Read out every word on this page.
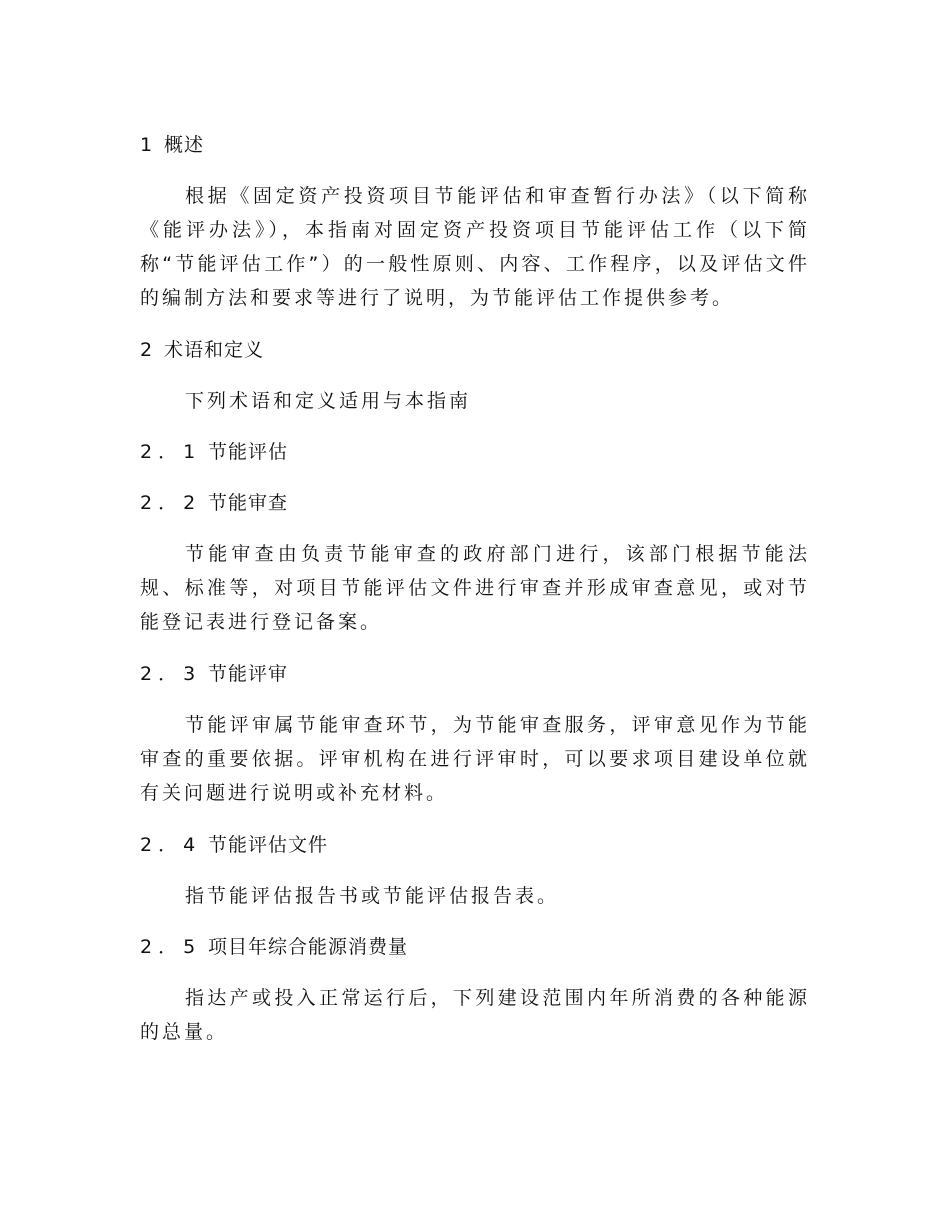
1 概述
根据《固定资产投资项目节能评估和审查暂行办法》（以下简称《能评办法》），本指南对固定资产投资项目节能评估工作（以下简称“节能评估工作”）的一般性原则、内容、工作程序，以及评估文件的编制方法和要求等进行了说明，为节能评估工作提供参考。
2 术语和定义
下列术语和定义适用与本指南
2．1 节能评估
2．2 节能审查
节能审查由负责节能审查的政府部门进行，该部门根据节能法规、标准等，对项目节能评估文件进行审查并形成审查意见，或对节能登记表进行登记备案。
2．3 节能评审
节能评审属节能审查环节，为节能审查服务，评审意见作为节能审查的重要依据。评审机构在进行评审时，可以要求项目建设单位就有关问题进行说明或补充材料。
2．4 节能评估文件
指节能评估报告书或节能评估报告表。
2．5 项目年综合能源消费量
指达产或投入正常运行后，下列建设范围内年所消费的各种能源的总量。
